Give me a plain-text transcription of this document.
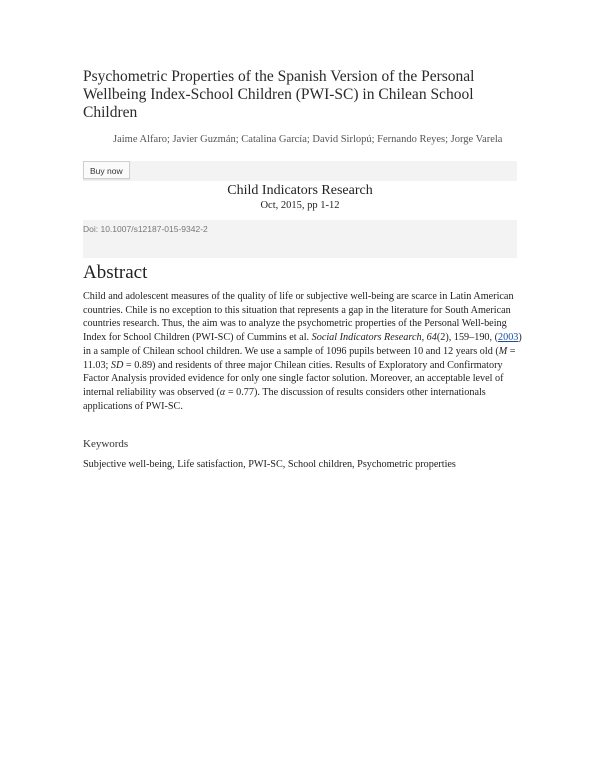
Psychometric Properties of the Spanish Version of the Personal Wellbeing Index-School Children (PWI-SC) in Chilean School Children
Jaime Alfaro; Javier Guzmán; Catalina García; David Sirlopú; Fernando Reyes; Jorge Varela
Buy now
Child Indicators Research
Oct, 2015, pp 1-12
Doi: 10.1007/s12187-015-9342-2
Abstract

Child and adolescent measures of the quality of life or subjective well-being are scarce in Latin American countries. Chile is no exception to this situation that represents a gap in the literature for South American countries research. Thus, the aim was to analyze the psychometric properties of the Personal Well-being Index for School Children (PWI-SC) of Cummins et al. Social Indicators Research, 64(2), 159–190, (2003) in a sample of Chilean school children. We use a sample of 1096 pupils between 10 and 12 years old (M = 11.03; SD = 0.89) and residents of three major Chilean cities. Results of Exploratory and Confirmatory Factor Analysis provided evidence for only one single factor solution. Moreover, an acceptable level of internal reliability was observed (α = 0.77). The discussion of results considers other internationals applications of PWI-SC.

Keywords
Subjective well-being, Life satisfaction, PWI-SC, School children, Psychometric properties
